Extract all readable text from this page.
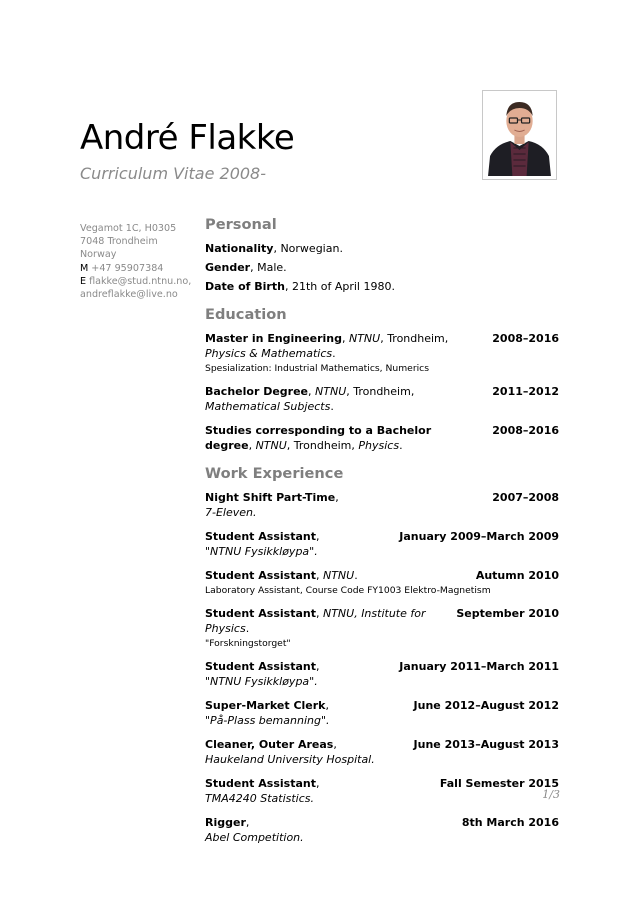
André Flakke
Curriculum Vitae 2008-
Vegamot 1C, H0305
7048 Trondheim
Norway
M +47 95907384
E flakke@stud.ntnu.no,
andreflakke@live.no
Personal
Nationality, Norwegian.
Gender, Male.
Date of Birth, 21th of April 1980.
Education
Master in Engineering, NTNU, Trondheim, Physics & Mathematics.
2008–2016
Spesialization: Industrial Mathematics, Numerics
Bachelor Degree, NTNU, Trondheim, Mathematical Subjects.
2011–2012
Studies corresponding to a Bachelor degree, NTNU, Trondheim, Physics.
2008–2016
Work Experience
Night Shift Part-Time,	2007–2008
7-Eleven.
Student Assistant,	January 2009–March 2009
"NTNU Fysikkløypa".
Student Assistant, NTNU.	Autumn 2010
Laboratory Assistant, Course Code FY1003 Elektro-Magnetism
Student Assistant, NTNU, Institute for Physics.
September 2010
"Forskningstorget"
Student Assistant,	January 2011–March 2011
"NTNU Fysikkløypa".
Super-Market Clerk,	June 2012–August 2012
"På-Plass bemanning".
Cleaner, Outer Areas,	June 2013–August 2013
Haukeland University Hospital.
Student Assistant,	Fall Semester 2015
TMA4240 Statistics.
Rigger,	8th March 2016
Abel Competition.
1/3
